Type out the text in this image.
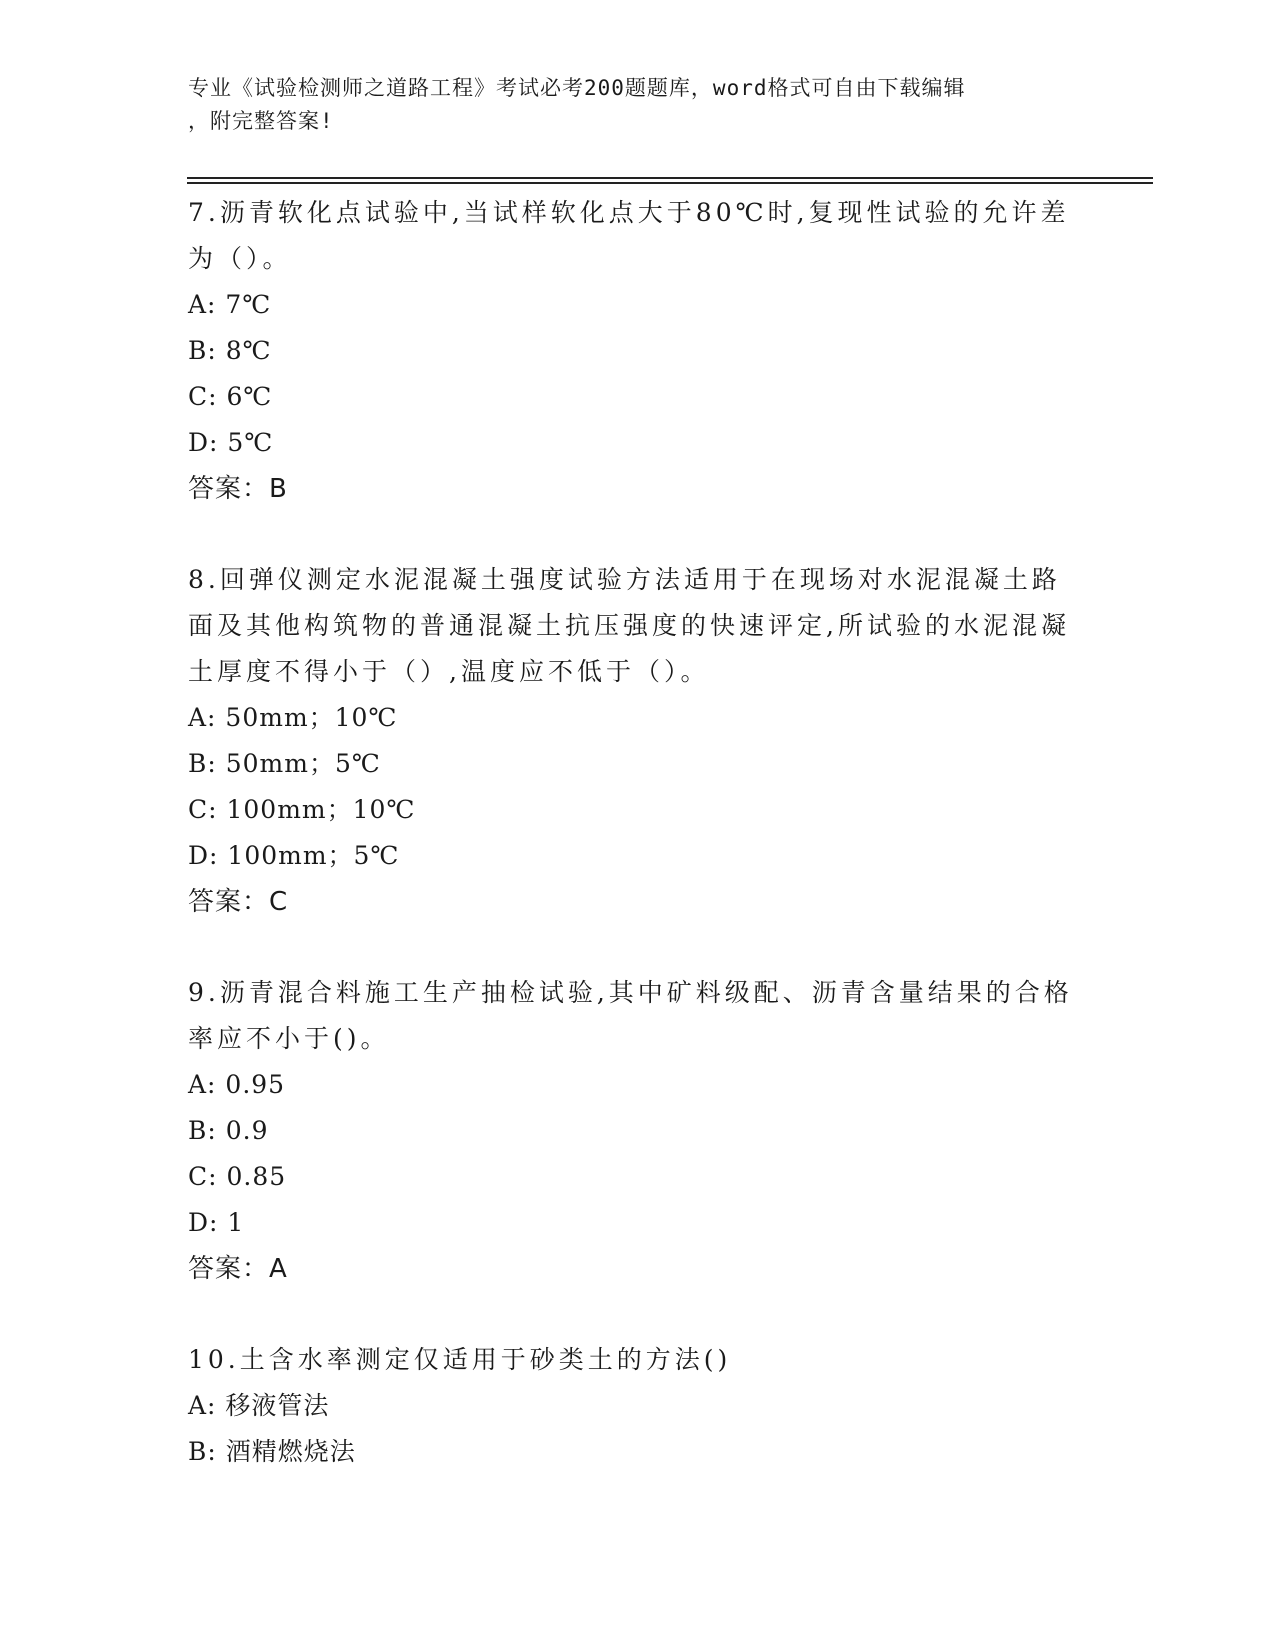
专业《试验检测师之道路工程》考试必考200题题库，word格式可自由下载编辑

，附完整答案!

7.沥青软化点试验中,当试样软化点大于80℃时,复现性试验的允许差

为（）。

A: 7℃

B: 8℃

C: 6℃

D: 5℃

答案：B

8.回弹仪测定水泥混凝土强度试验方法适用于在现场对水泥混凝土路

面及其他构筑物的普通混凝土抗压强度的快速评定,所试验的水泥混凝

土厚度不得小于（）,温度应不低于（）。

A: 50mm；10℃

B: 50mm；5℃

C: 100mm；10℃

D: 100mm；5℃

答案：C

9.沥青混合料施工生产抽检试验,其中矿料级配、沥青含量结果的合格

率应不小于()。

A: 0.95

B: 0.9

C: 0.85

D: 1

答案：A

10.土含水率测定仅适用于砂类土的方法()

A: 移液管法

B: 酒精燃烧法
